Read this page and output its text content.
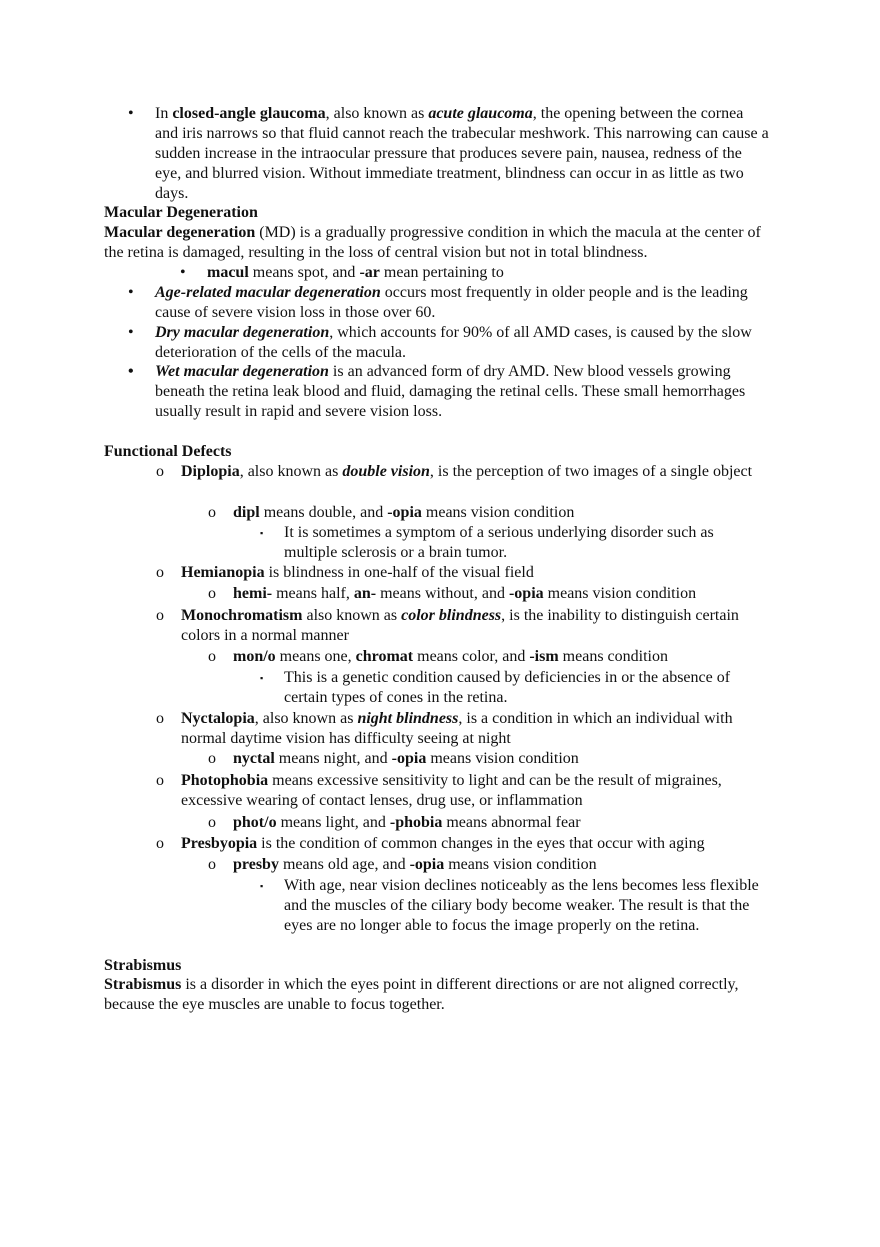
• In closed-angle glaucoma, also known as acute glaucoma, the opening between the cornea and iris narrows so that fluid cannot reach the trabecular meshwork. This narrowing can cause a sudden increase in the intraocular pressure that produces severe pain, nausea, redness of the eye, and blurred vision. Without immediate treatment, blindness can occur in as little as two days.
Macular Degeneration
Macular degeneration (MD) is a gradually progressive condition in which the macula at the center of the retina is damaged, resulting in the loss of central vision but not in total blindness.
• macul means spot, and -ar mean pertaining to
• Age-related macular degeneration occurs most frequently in older people and is the leading cause of severe vision loss in those over 60.
• Dry macular degeneration, which accounts for 90% of all AMD cases, is caused by the slow deterioration of the cells of the macula.
• Wet macular degeneration is an advanced form of dry AMD. New blood vessels growing beneath the retina leak blood and fluid, damaging the retinal cells. These small hemorrhages usually result in rapid and severe vision loss.
Functional Defects
o Diplopia, also known as double vision, is the perception of two images of a single object
o dipl means double, and -opia means vision condition
▪ It is sometimes a symptom of a serious underlying disorder such as multiple sclerosis or a brain tumor.
o Hemianopia is blindness in one-half of the visual field
o hemi- means half, an- means without, and -opia means vision condition
o Monochromatism also known as color blindness, is the inability to distinguish certain colors in a normal manner
o mon/o means one, chromat means color, and -ism means condition
▪ This is a genetic condition caused by deficiencies in or the absence of certain types of cones in the retina.
o Nyctalopia, also known as night blindness, is a condition in which an individual with normal daytime vision has difficulty seeing at night
o nyctal means night, and -opia means vision condition
o Photophobia means excessive sensitivity to light and can be the result of migraines, excessive wearing of contact lenses, drug use, or inflammation
o phot/o means light, and -phobia means abnormal fear
o Presbyopia is the condition of common changes in the eyes that occur with aging
o presby means old age, and -opia means vision condition
▪ With age, near vision declines noticeably as the lens becomes less flexible and the muscles of the ciliary body become weaker. The result is that the eyes are no longer able to focus the image properly on the retina.
Strabismus
Strabismus is a disorder in which the eyes point in different directions or are not aligned correctly, because the eye muscles are unable to focus together.
